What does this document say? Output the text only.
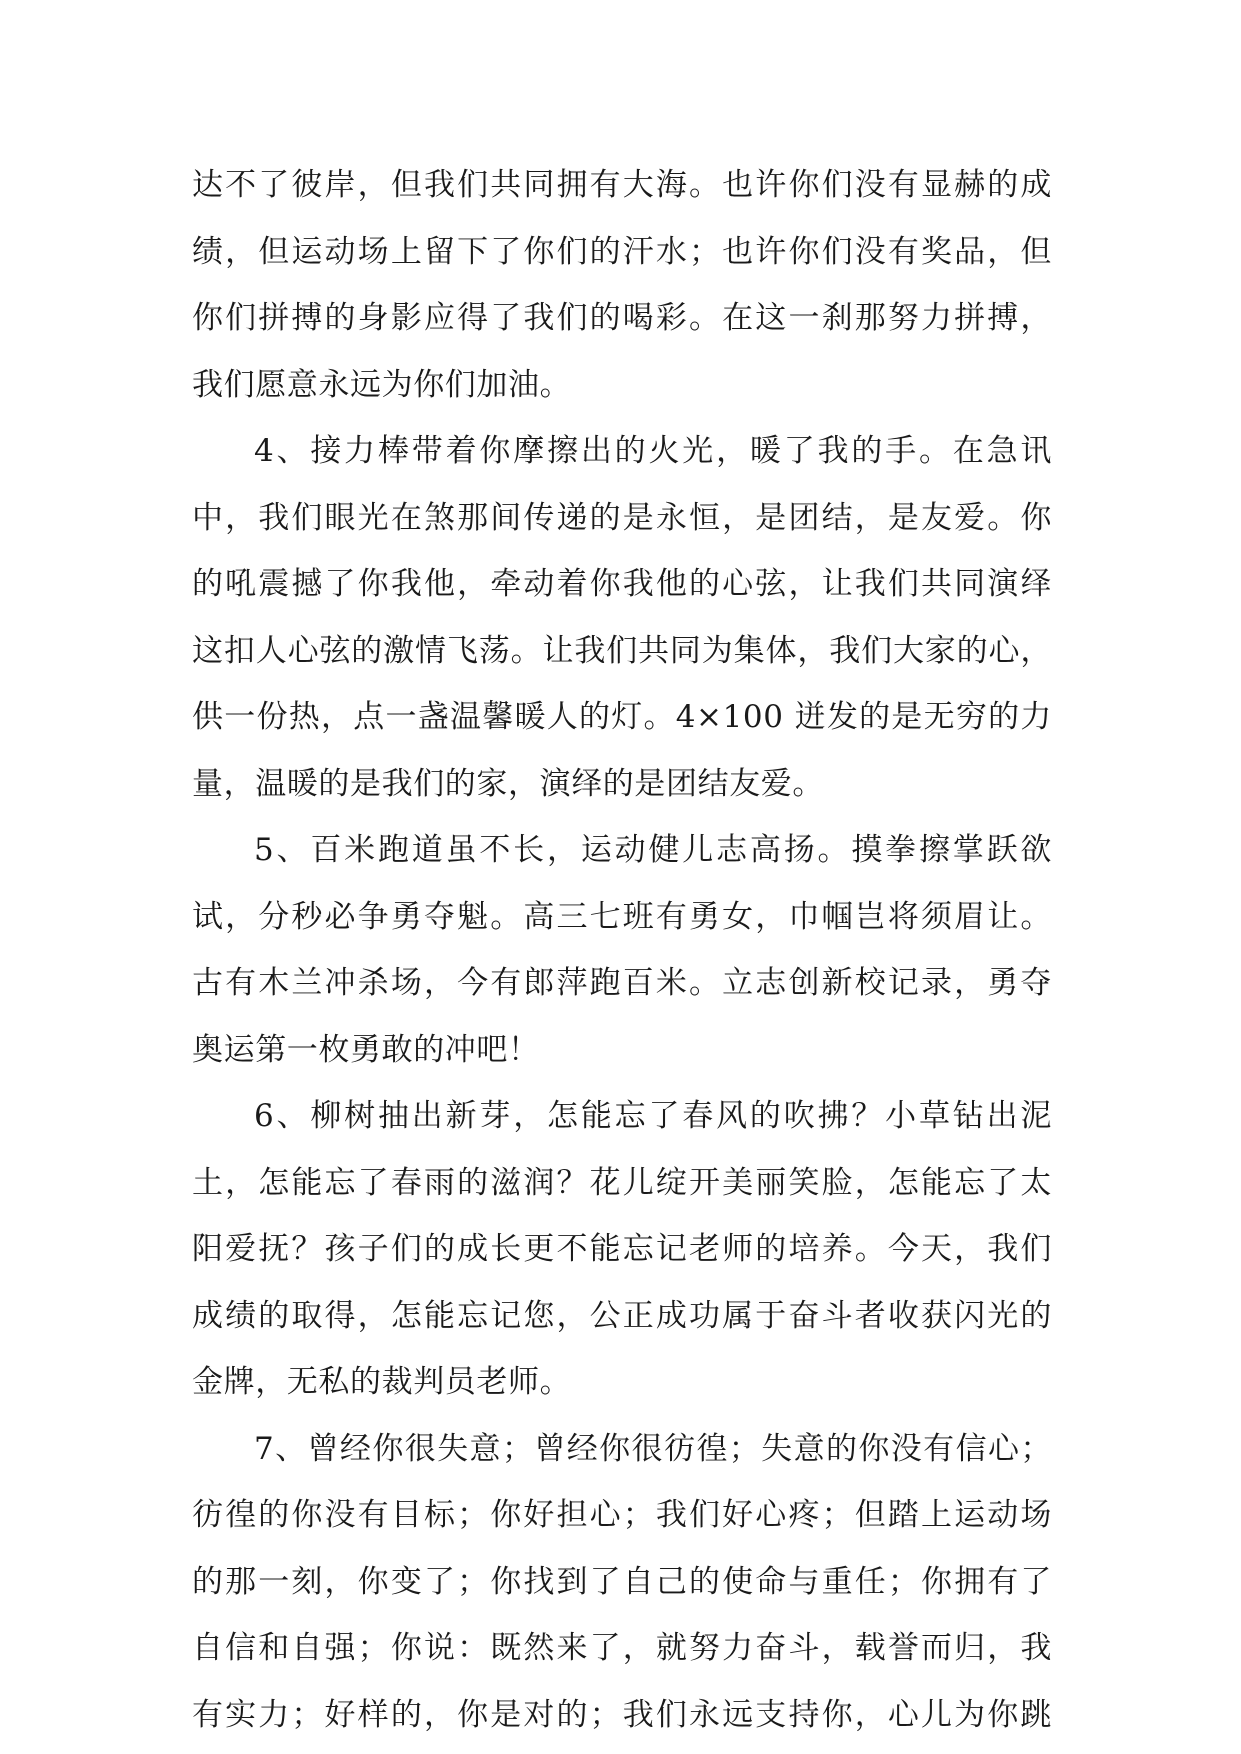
达不了彼岸，但我们共同拥有大海。也许你们没有显赫的成
绩，但运动场上留下了你们的汗水；也许你们没有奖品，但
你们拼搏的身影应得了我们的喝彩。在这一刹那努力拼搏，
我们愿意永远为你们加油。
4、接力棒带着你摩擦出的火光，暖了我的手。在急讯
中，我们眼光在煞那间传递的是永恒，是团结，是友爱。你
的吼震撼了你我他，牵动着你我他的心弦，让我们共同演绎
这扣人心弦的激情飞荡。让我们共同为集体，我们大家的心，
供一份热，点一盏温馨暖人的灯。4×100 迸发的是无穷的力
量，温暖的是我们的家，演绎的是团结友爱。
5、百米跑道虽不长，运动健儿志高扬。摸拳擦掌跃欲
试，分秒必争勇夺魁。高三七班有勇女，巾帼岂将须眉让。
古有木兰冲杀场，今有郎萍跑百米。立志创新校记录，勇夺
奥运第一枚勇敢的冲吧！
6、柳树抽出新芽，怎能忘了春风的吹拂？小草钻出泥
土，怎能忘了春雨的滋润？花儿绽开美丽笑脸，怎能忘了太
阳爱抚？孩子们的成长更不能忘记老师的培养。今天，我们
成绩的取得，怎能忘记您，公正成功属于奋斗者收获闪光的
金牌，无私的裁判员老师。
7、曾经你很失意；曾经你很彷徨；失意的你没有信心；
彷徨的你没有目标；你好担心；我们好心疼；但踏上运动场
的那一刻，你变了；你找到了自己的使命与重任；你拥有了
自信和自强；你说：既然来了，就努力奋斗，载誉而归，我
有实力；好样的，你是对的；我们永远支持你，心儿为你跳
